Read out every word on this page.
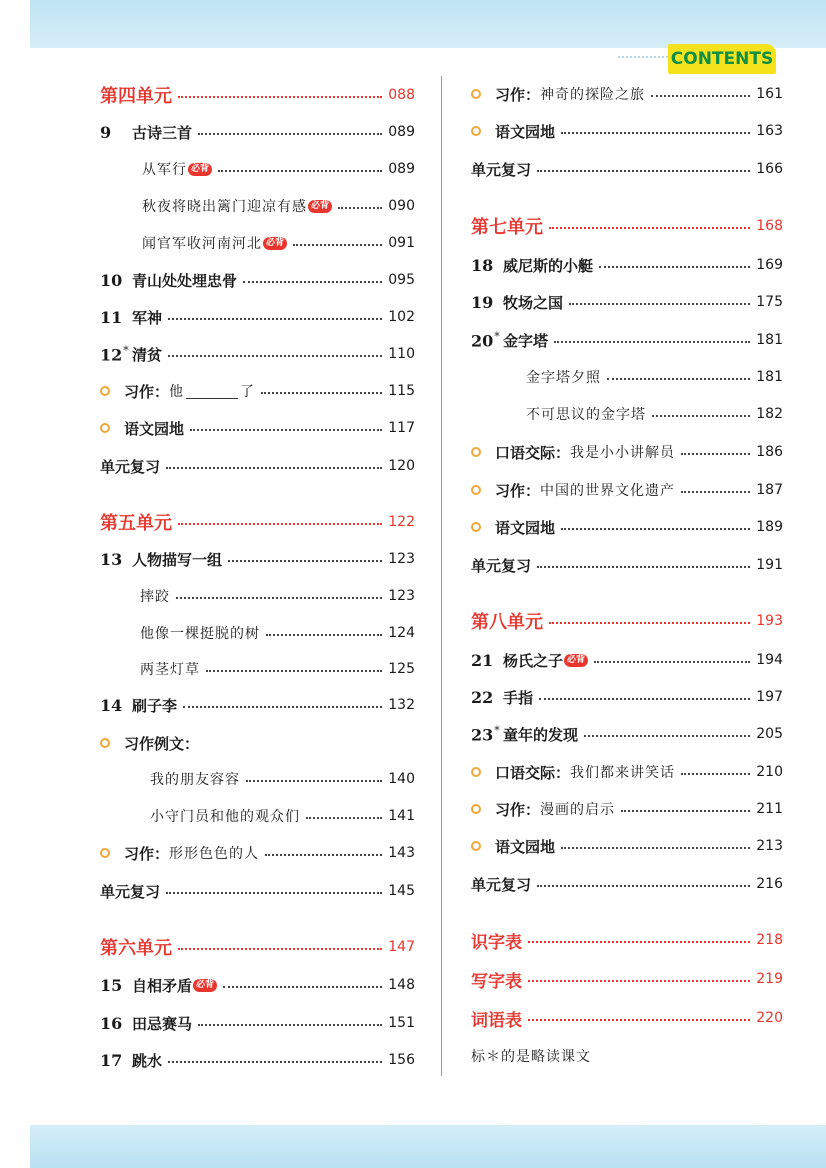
CONTENTS
第四单元	088
9	古诗三首	089
从军行 必背	089
秋夜将晓出篱门迎凉有感 必背	090
闻官军收河南河北 必背	091
10 青山处处埋忠骨	095
11 军神	102
12* 清贫	110
习作： 他	了	115
语文园地	117
单元复习	120
第五单元	122
13 人物描写一组	123
摔跤	123
他像一棵挺脱的树	124
两茎灯草	125
14 刷子李	132
习作例文：
我的朋友容容	140
小守门员和他的观众们	141
习作： 形形色色的人	143
单元复习	145
第六单元	147
15 自相矛盾 必背	148
16 田忌赛马	151
17 跳水	156
习作： 神奇的探险之旅	161
语文园地	163
单元复习	166
第七单元	168
18 威尼斯的小艇	169
19 牧场之国	175
20* 金字塔	181
金字塔夕照	181
不可思议的金字塔	182
口语交际： 我是小小讲解员	186
习作： 中国的世界文化遗产	187
语文园地	189
单元复习	191
第八单元	193
21 杨氏之子 必背	194
22 手指	197
23* 童年的发现	205
口语交际： 我们都来讲笑话	210
习作： 漫画的启示	211
语文园地	213
单元复习	216
识字表	218
写字表	219
词语表	220
标＊的是略读课文
